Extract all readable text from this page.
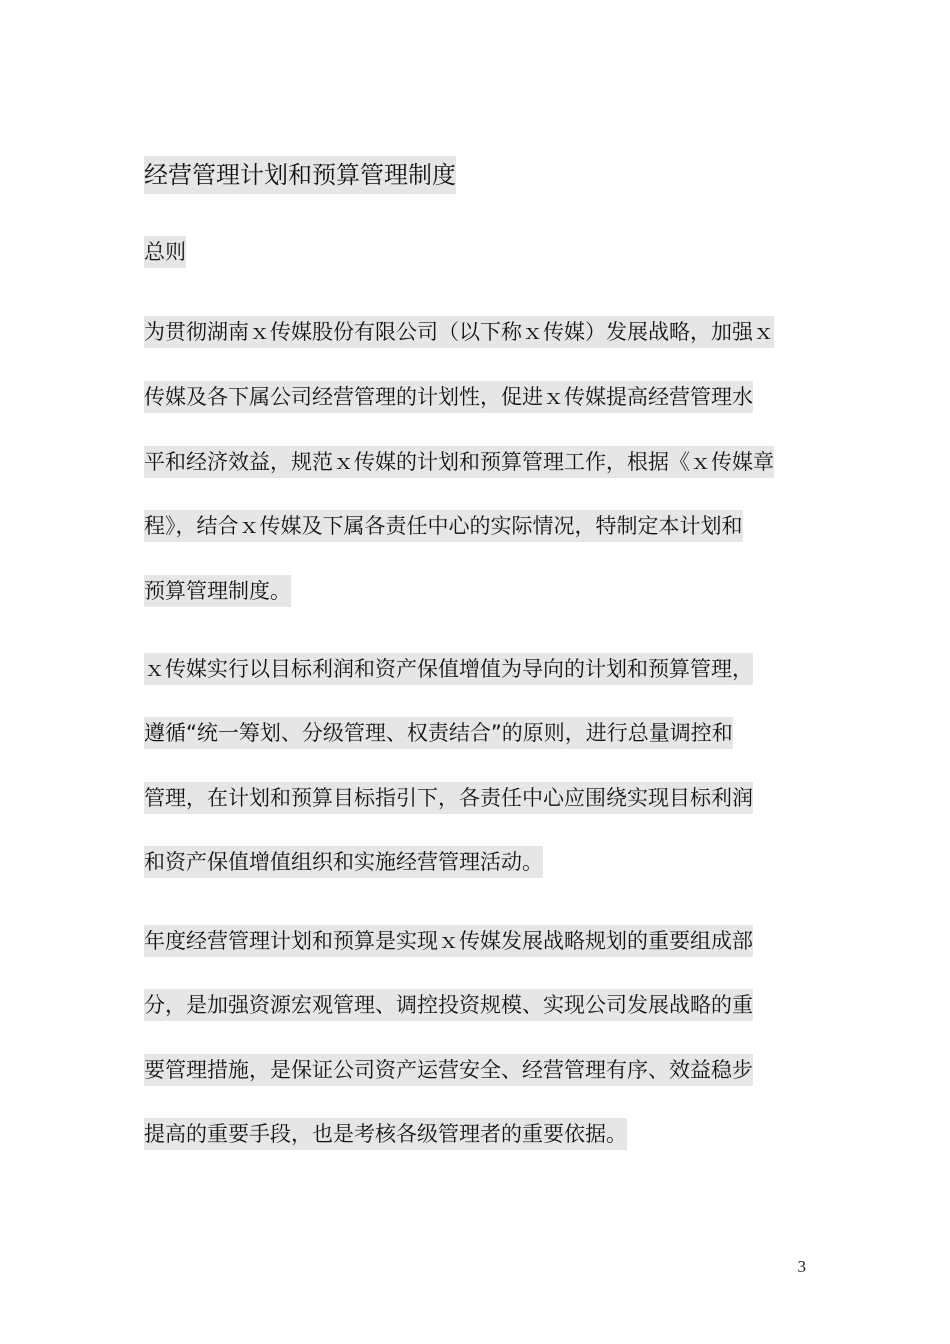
经营管理计划和预算管理制度
总则

为贯彻湖南ｘ传媒股份有限公司（以下称ｘ传媒）发展战略，加强ｘ

传媒及各下属公司经营管理的计划性，促进ｘ传媒提高经营管理水

平和经济效益，规范ｘ传媒的计划和预算管理工作，根据《ｘ传媒章

程》，结合ｘ传媒及下属各责任中心的实际情况，特制定本计划和

预算管理制度。

ｘ传媒实行以目标利润和资产保值增值为导向的计划和预算管理，

遵循“统一筹划、分级管理、权责结合”的原则，进行总量调控和

管理，在计划和预算目标指引下，各责任中心应围绕实现目标利润

和资产保值增值组织和实施经营管理活动。

年度经营管理计划和预算是实现ｘ传媒发展战略规划的重要组成部

分，是加强资源宏观管理、调控投资规模、实现公司发展战略的重

要管理措施，是保证公司资产运营安全、经营管理有序、效益稳步

提高的重要手段，也是考核各级管理者的重要依据。

3
